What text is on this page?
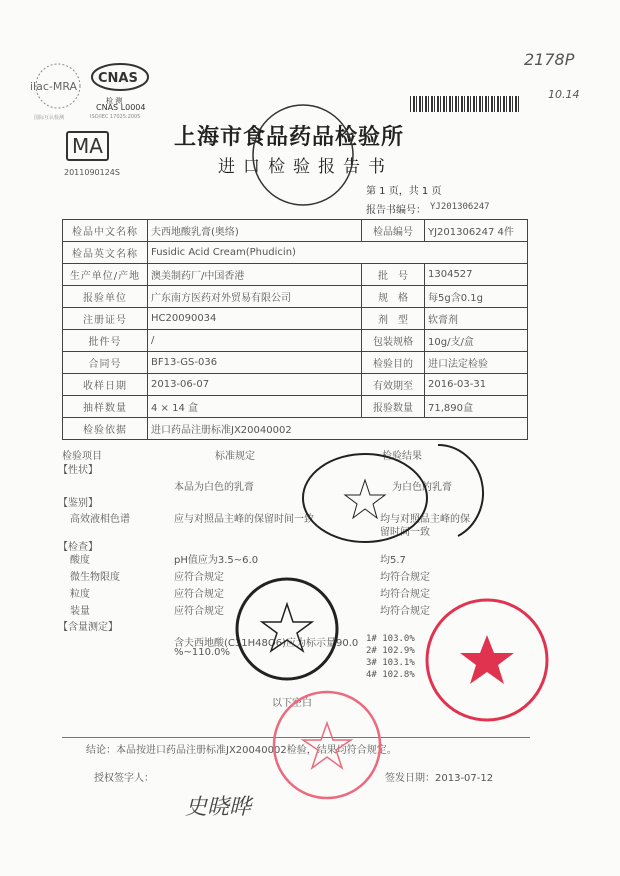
ilac-MRA
CNAS
检 测
CNAS L0004
国际互认检测	ISO/IEC 17025:2005
MA
2011090124S
2178P
10.14
上海市食品药品检验所
进口检验报告书
第 1 页，共 1 页
报告书编号： YJ201306247
检品中文名称	夫西地酸乳膏(奥络)	检品编号	YJ201306247 4件
检品英文名称	Fusidic Acid Cream(Phudicin)		
生产单位/产地	澳美制药厂/中国香港	批　号	1304527
报验单位	广东南方医药对外贸易有限公司	规　格	每5g含0.1g
注册证号	HC20090034	剂　型	软膏剂
批件号	/	包装规格	10g/支/盒
合同号	BF13-GS-036	检验目的	进口法定检验
收样日期	2013-06-07	有效期至	2016-03-31
抽样数量	4 × 14 盒	报验数量	71,890盒
检验依据	进口药品注册标准JX20040002		
检验项目	标准规定	检验结果
【性状】
本品为白色的乳膏	为白色的乳膏
【鉴别】
高效液相色谱	应与对照品主峰的保留时间一致	均与对照品主峰的保
留时间一致
【检查】
酸度	pH值应为3.5~6.0	均5.7
微生物限度	应符合规定	均符合规定
粒度	应符合规定	均符合规定
装量	应符合规定	均符合规定
【含量测定】
含夫西地酸(C31H48O6)应为标示量90.0
%~110.0%
1# 103.0%
2# 102.9%
3# 103.1%
4# 102.8%
以下空白
结论：本品按进口药品注册标准JX20040002检验，结果均符合规定。
授权签字人：
史晓晔
签发日期：2013-07-12
